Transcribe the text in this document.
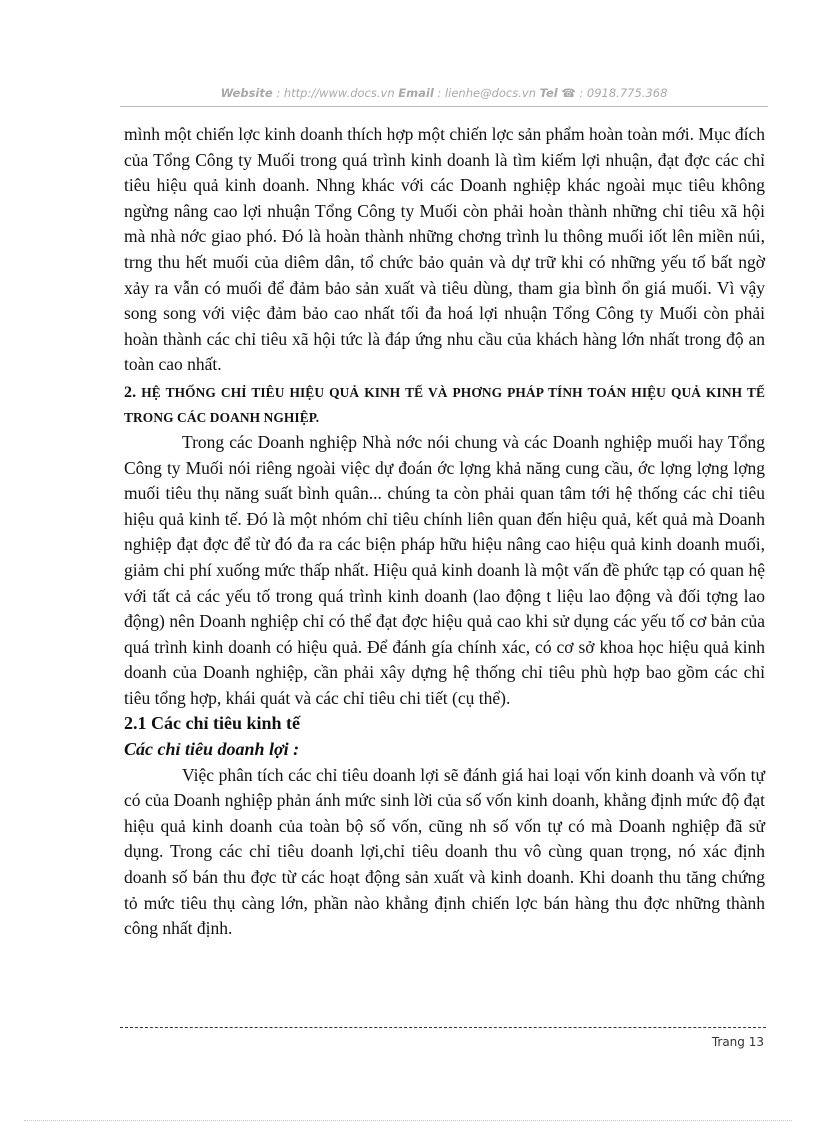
Website : http://www.docs.vn Email : lienhe@docs.vn Tel ☎ : 0918.775.368

mình một chiến lợc kinh doanh thích hợp một chiến lợc sản phẩm hoàn toàn mới. Mục đích của Tổng Công ty Muối trong quá trình kinh doanh là tìm kiếm lợi nhuận, đạt đợc các chỉ tiêu hiệu quả kinh doanh. Nhng khác với các Doanh nghiệp khác ngoài mục tiêu không ngừng nâng cao lợi nhuận Tổng Công ty Muối còn phải hoàn thành những chỉ tiêu xã hội mà nhà nớc giao phó. Đó là hoàn thành những chơng trình lu thông muối iốt lên miền núi, trng thu hết muối của diêm dân, tổ chức bảo quản và dự trữ khi có những yếu tố bất ngờ xảy ra vẫn có muối để đảm bảo sản xuất và tiêu dùng, tham gia bình ổn giá muối. Vì vậy song song với việc đảm bảo cao nhất tối đa hoá lợi nhuận Tổng Công ty Muối còn phải hoàn thành các chỉ tiêu xã hội tức là đáp ứng nhu cầu của khách hàng lớn nhất trong độ an toàn cao nhất.

2. HỆ THỐNG CHỈ TIÊU HIỆU QUẢ KINH TẾ VÀ PHƠNG PHÁP TÍNH TOÁN HIỆU QUẢ KINH TẾ TRONG CÁC DOANH NGHIỆP.

Trong các Doanh nghiệp Nhà nớc nói chung và các Doanh nghiệp muối hay Tổng Công ty Muối nói riêng ngoài việc dự đoán ớc lợng khả năng cung cầu, ớc lợng lợng lợng muối tiêu thụ năng suất bình quân... chúng ta còn phải quan tâm tới hệ thống các chỉ tiêu hiệu quả kinh tế. Đó là một nhóm chỉ tiêu chính liên quan đến hiệu quả, kết quả mà Doanh nghiệp đạt đợc để từ đó đa ra các biện pháp hữu hiệu nâng cao hiệu quả kinh doanh muối, giảm chi phí xuống mức thấp nhất. Hiệu quả kinh doanh là một vấn đề phức tạp có quan hệ với tất cả các yếu tố trong quá trình kinh doanh (lao động t liệu lao động và đối tợng lao động) nên Doanh nghiệp chỉ có thể đạt đợc hiệu quả cao khi sử dụng các yếu tố cơ bản của quá trình kinh doanh có hiệu quả. Để đánh gía chính xác, có cơ sở khoa học hiệu quả kinh doanh của Doanh nghiệp, cần phải xây dựng hệ thống chỉ tiêu phù hợp bao gồm các chỉ tiêu tổng hợp, khái quát và các chỉ tiêu chi tiết (cụ thể).

2.1 Các chỉ tiêu kinh tế

Các chỉ tiêu doanh lợi :

Việc phân tích các chỉ tiêu doanh lợi sẽ đánh giá hai loại vốn kinh doanh và vốn tự có của Doanh nghiệp phản ánh mức sinh lời của số vốn kinh doanh, khẳng định mức độ đạt hiệu quả kinh doanh của toàn bộ số vốn, cũng nh số vốn tự có mà Doanh nghiệp đã sử dụng. Trong các chỉ tiêu doanh lợi,chỉ tiêu doanh thu vô cùng quan trọng, nó xác định doanh số bán thu đợc từ các hoạt động sản xuất và kinh doanh. Khi doanh thu tăng chứng tỏ mức tiêu thụ càng lớn, phần nào khẳng định chiến lợc bán hàng thu đợc những thành công nhất định.

Trang 13
